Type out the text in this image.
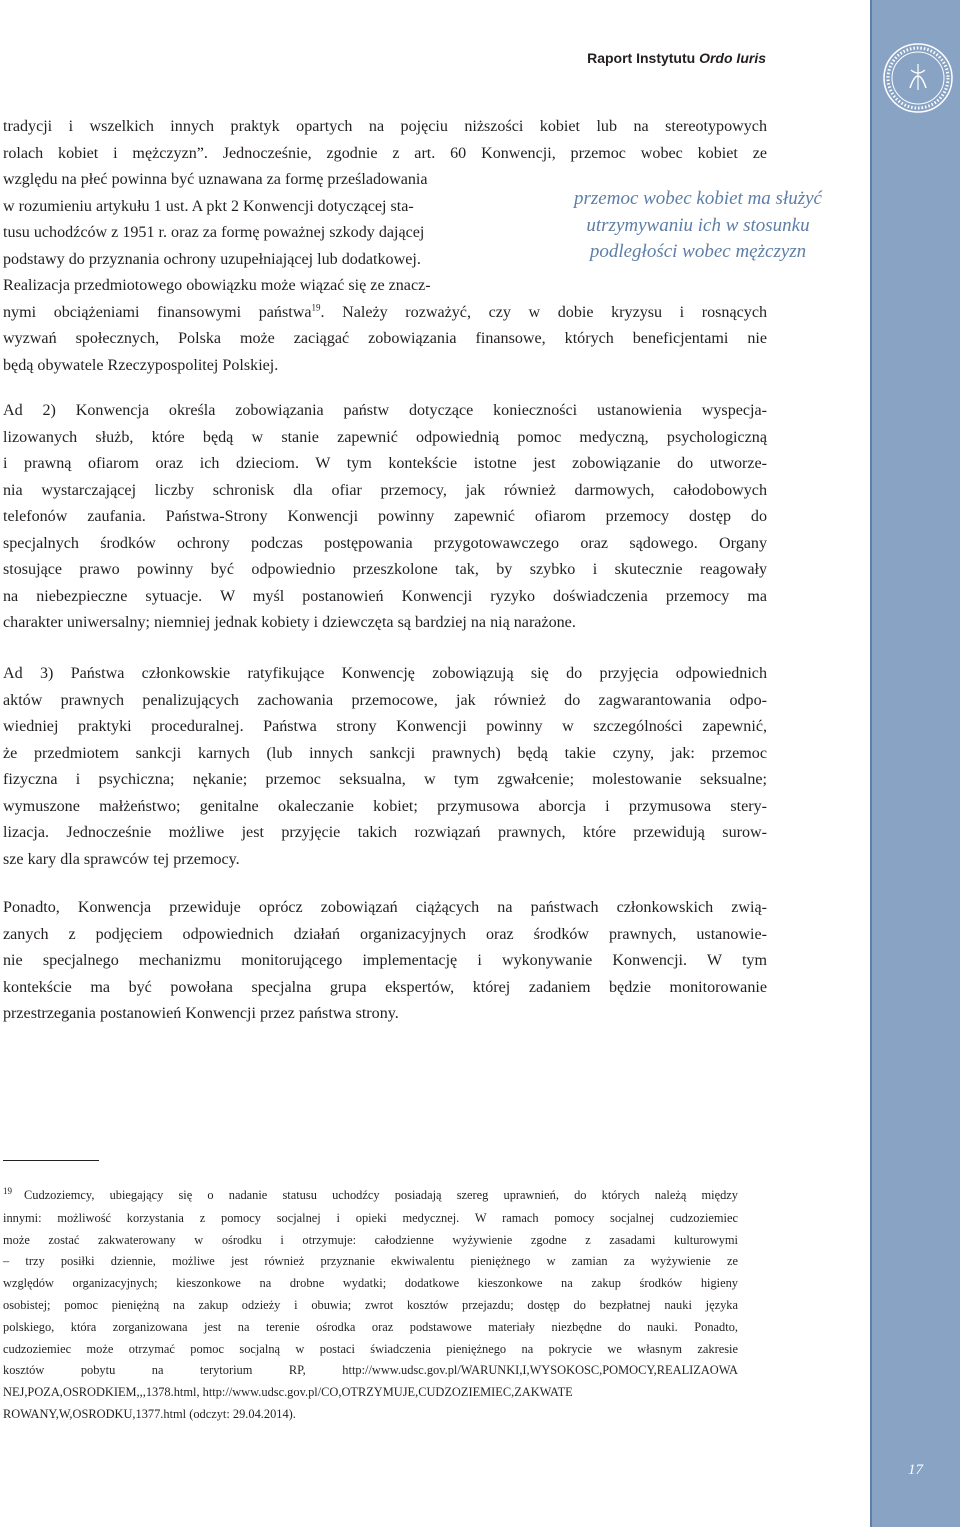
Raport Instytutu Ordo Iuris
17
przemoc wobec kobiet ma służyć
utrzymywaniu ich w stosunku
podległości wobec mężczyzn
tradycji i wszelkich innych praktyk opartych na pojęciu niższości kobiet lub na stereotypowych
rolach kobiet i mężczyzn”. Jednocześnie, zgodnie z art. 60 Konwencji, przemoc wobec kobiet ze
względu na płeć powinna być uznawana za formę prześladowania
w rozumieniu artykułu 1 ust. A pkt 2 Konwencji dotyczącej sta-
tusu uchodźców z 1951 r. oraz za formę poważnej szkody dającej
podstawy do przyznania ochrony uzupełniającej lub dodatkowej.
Realizacja przedmiotowego obowiązku może wiązać się ze znacz-
nymi obciążeniami finansowymi państwa$^{19}$. Należy rozważyć, czy w dobie kryzysu i rosnących
wyzwań społecznych, Polska może zaciągać zobowiązania finansowe, których beneficjentami nie
będą obywatele Rzeczypospolitej Polskiej.
Ad 2) Konwencja określa zobowiązania państw dotyczące konieczności ustanowienia wyspecja-
lizowanych służb, które będą w stanie zapewnić odpowiednią pomoc medyczną, psychologiczną
i prawną ofiarom oraz ich dzieciom. W tym kontekście istotne jest zobowiązanie do utworze-
nia wystarczającej liczby schronisk dla ofiar przemocy, jak również darmowych, całodobowych
telefonów zaufania. Państwa-Strony Konwencji powinny zapewnić ofiarom przemocy dostęp do
specjalnych środków ochrony podczas postępowania przygotowawczego oraz sądowego. Organy
stosujące prawo powinny być odpowiednio przeszkolone tak, by szybko i skutecznie reagowały
na niebezpieczne sytuacje. W myśl postanowień Konwencji ryzyko doświadczenia przemocy ma
charakter uniwersalny; niemniej jednak kobiety i dziewczęta są bardziej na nią narażone.
Ad 3) Państwa członkowskie ratyfikujące Konwencję zobowiązują się do przyjęcia odpowiednich
aktów prawnych penalizujących zachowania przemocowe, jak również do zagwarantowania odpo-
wiedniej praktyki proceduralnej. Państwa strony Konwencji powinny w szczególności zapewnić,
że przedmiotem sankcji karnych (lub innych sankcji prawnych) będą takie czyny, jak: przemoc
fizyczna i psychiczna; nękanie; przemoc seksualna, w tym zgwałcenie; molestowanie seksualne;
wymuszone małżeństwo; genitalne okaleczanie kobiet; przymusowa aborcja i przymusowa stery-
lizacja. Jednocześnie możliwe jest przyjęcie takich rozwiązań prawnych, które przewidują surow-
sze kary dla sprawców tej przemocy.
Ponadto, Konwencja przewiduje oprócz zobowiązań ciążących na państwach członkowskich zwią-
zanych z podjęciem odpowiednich działań organizacyjnych oraz środków prawnych, ustanowie-
nie specjalnego mechanizmu monitorującego implementację i wykonywanie Konwencji. W tym
kontekście ma być powołana specjalna grupa ekspertów, której zadaniem będzie monitorowanie
przestrzegania postanowień Konwencji przez państwa strony.
$^{19}$ Cudzoziemcy, ubiegający się o nadanie statusu uchodźcy posiadają szereg uprawnień, do których należą między
innymi: możliwość korzystania z pomocy socjalnej i opieki medycznej. W ramach pomocy socjalnej cudzoziemiec
może zostać zakwaterowany w ośrodku i otrzymuje: całodzienne wyżywienie zgodne z zasadami kulturowymi
– trzy posiłki dziennie, możliwe jest również przyznanie ekwiwalentu pieniężnego w zamian za wyżywienie ze
względów organizacyjnych; kieszonkowe na drobne wydatki; dodatkowe kieszonkowe na zakup środków higieny
osobistej; pomoc pieniężną na zakup odzieży i obuwia; zwrot kosztów przejazdu; dostęp do bezpłatnej nauki języka
polskiego, która zorganizowana jest na terenie ośrodka oraz podstawowe materiały niezbędne do nauki. Ponadto,
cudzoziemiec może otrzymać pomoc socjalną w postaci świadczenia pieniężnego na pokrycie we własnym zakresie
kosztów pobytu na terytorium RP, http://www.udsc.gov.pl/WARUNKI,I,WYSOKOSC,POMOCY,REALIZAOWA
NEJ,POZA,OSRODKIEM,,,1378.html, http://www.udsc.gov.pl/CO,OTRZYMUJE,CUDZOZIEMIEC,ZAKWATE
ROWANY,W,OSRODKU,1377.html (odczyt: 29.04.2014).
